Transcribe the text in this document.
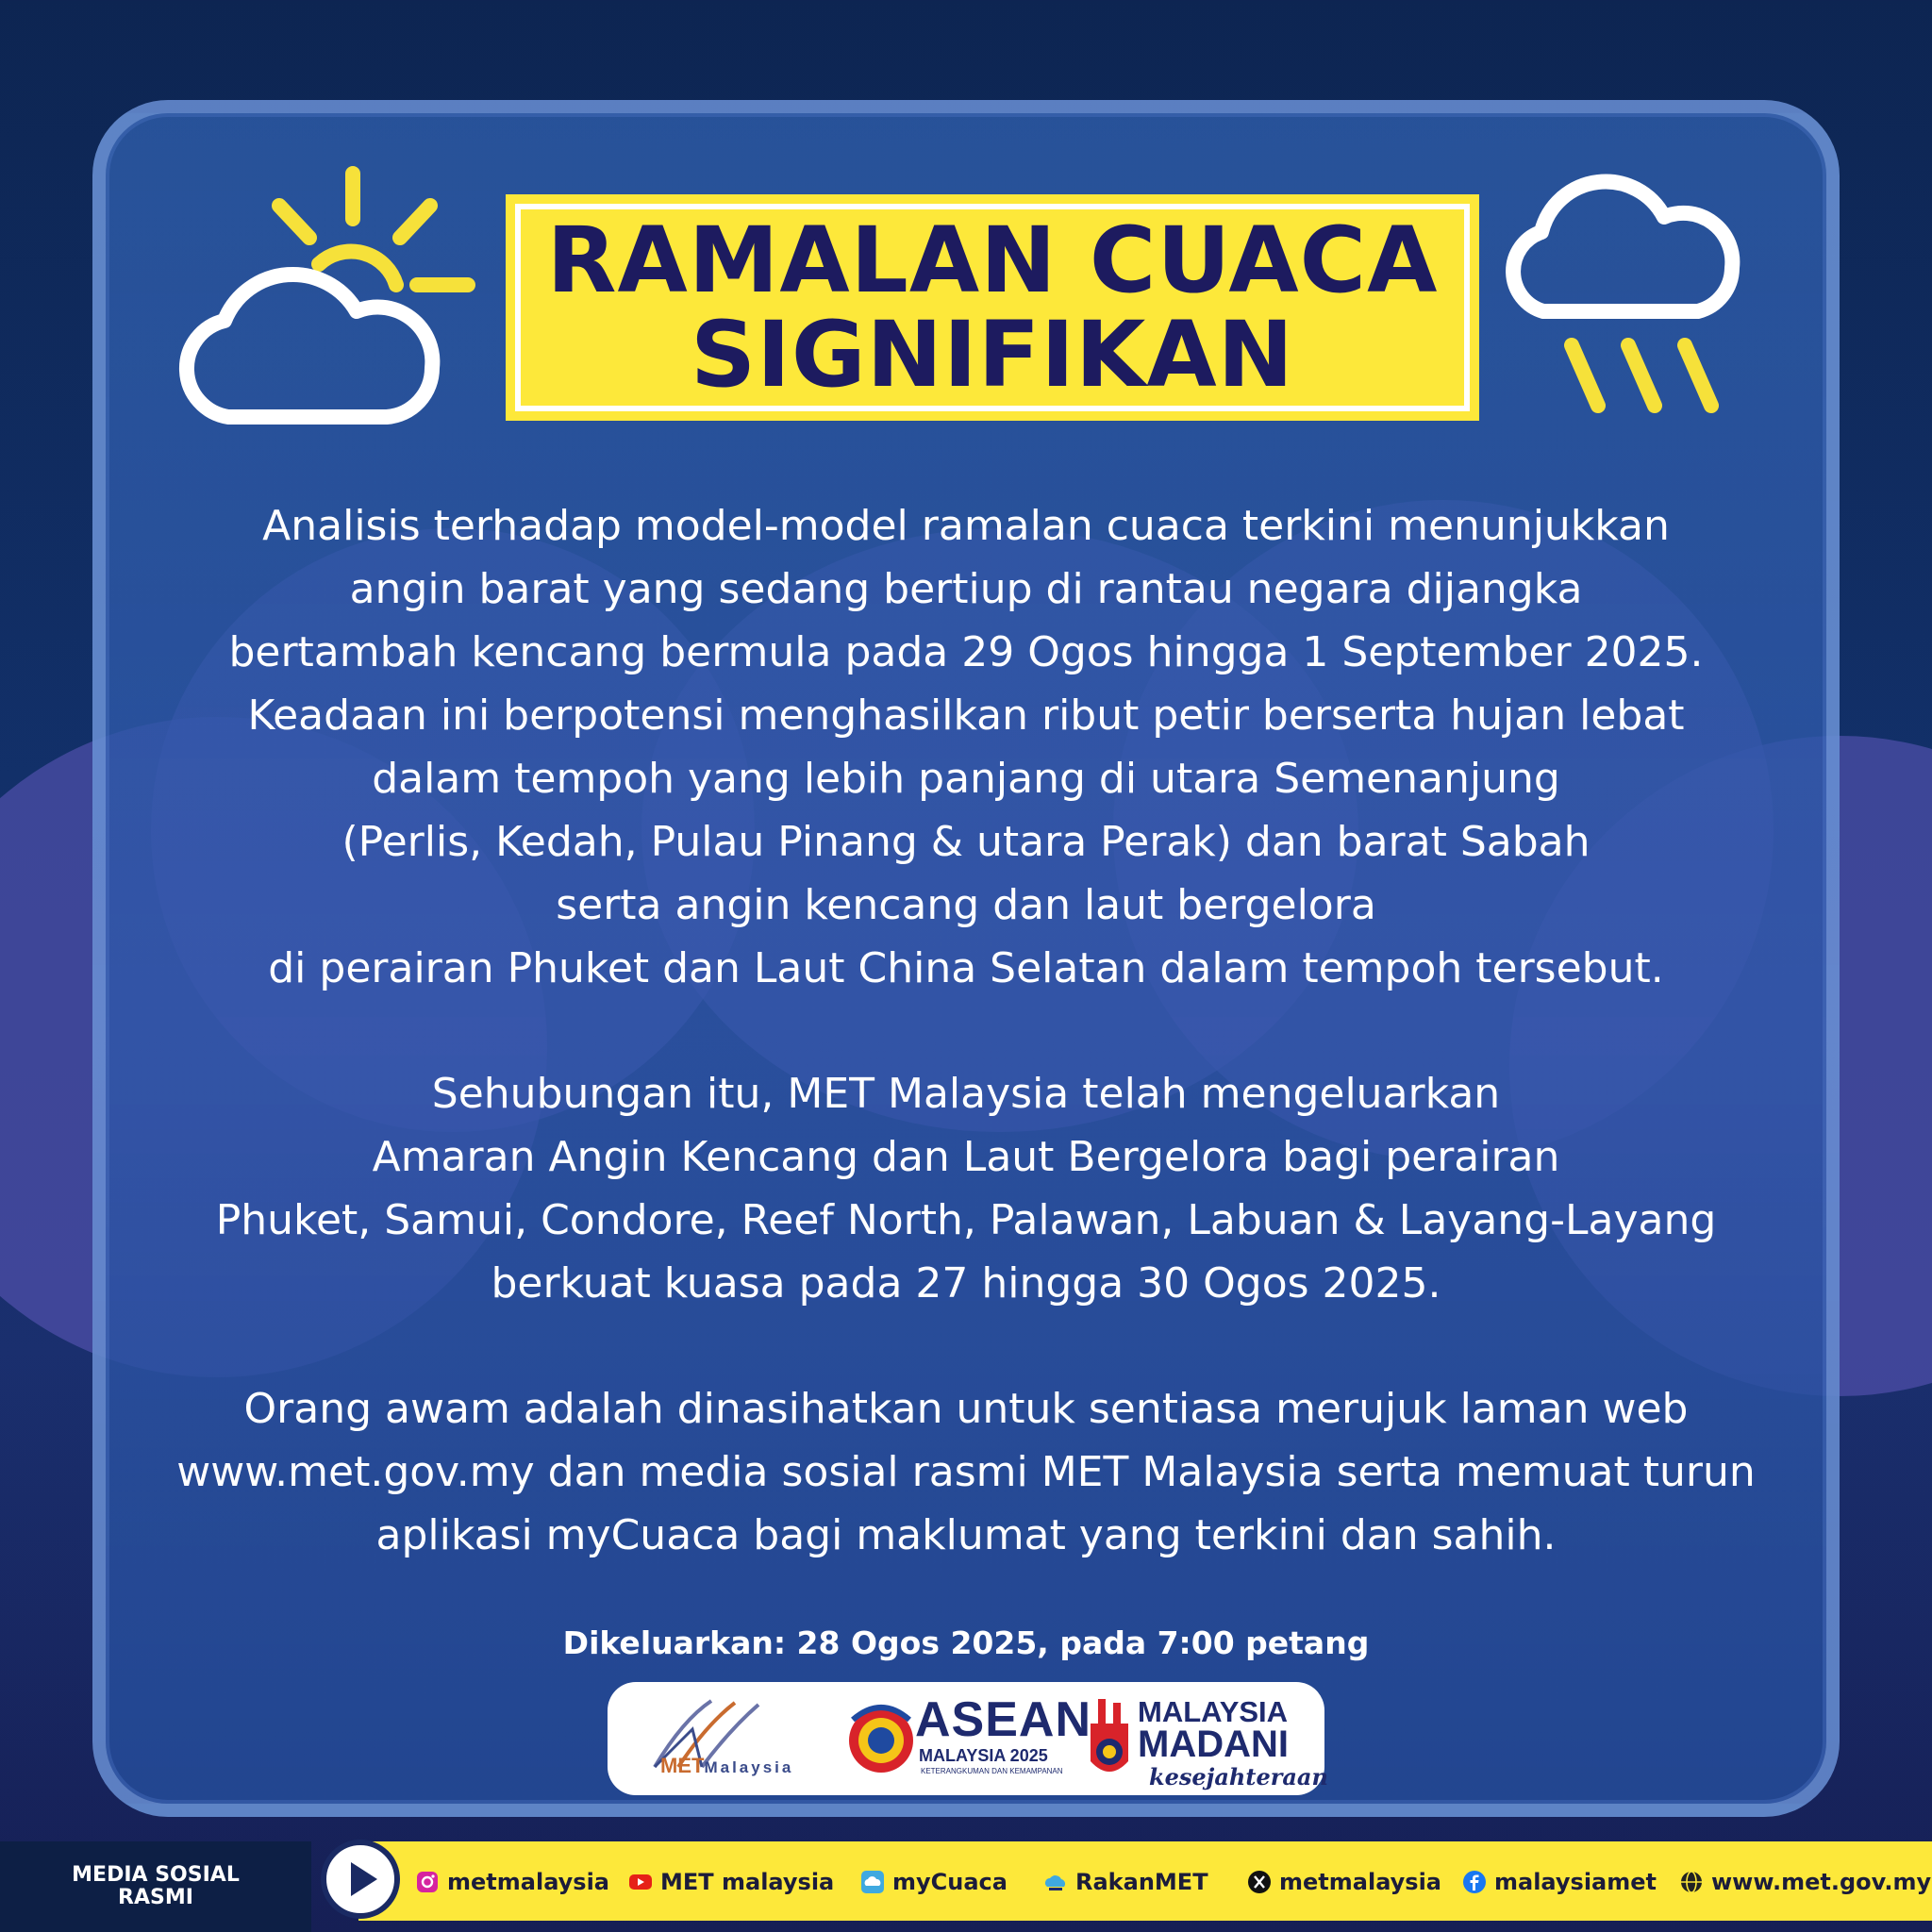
RAMALAN CUACA
SIGNIFIKAN
Analisis terhadap model-model ramalan cuaca terkini menunjukkan
angin barat yang sedang bertiup di rantau negara dijangka
bertambah kencang bermula pada 29 Ogos hingga 1 September 2025.
Keadaan ini berpotensi menghasilkan ribut petir berserta hujan lebat
dalam tempoh yang lebih panjang di utara Semenanjung
(Perlis, Kedah, Pulau Pinang & utara Perak) dan barat Sabah
serta angin kencang dan laut bergelora
di perairan Phuket dan Laut China Selatan dalam tempoh tersebut.
Sehubungan itu, MET Malaysia telah mengeluarkan
Amaran Angin Kencang dan Laut Bergelora bagi perairan
Phuket, Samui, Condore, Reef North, Palawan, Labuan & Layang-Layang
berkuat kuasa pada 27 hingga 30 Ogos 2025.
Orang awam adalah dinasihatkan untuk sentiasa merujuk laman web
www.met.gov.my dan media sosial rasmi MET Malaysia serta memuat turun
aplikasi myCuaca bagi maklumat yang terkini dan sahih.
Dikeluarkan: 28 Ogos 2025, pada 7:00 petang
METMalaysia
ASEAN
MALAYSIA 2025
KETERANGKUMAN DAN KEMAMPANAN
MALAYSIA
MADANI
kesejahteraan
MEDIA SOSIAL
RASMI
metmalaysia MET malaysia	myCuaca	RakanMET	metmalaysia malaysiamet www.met.gov.my
